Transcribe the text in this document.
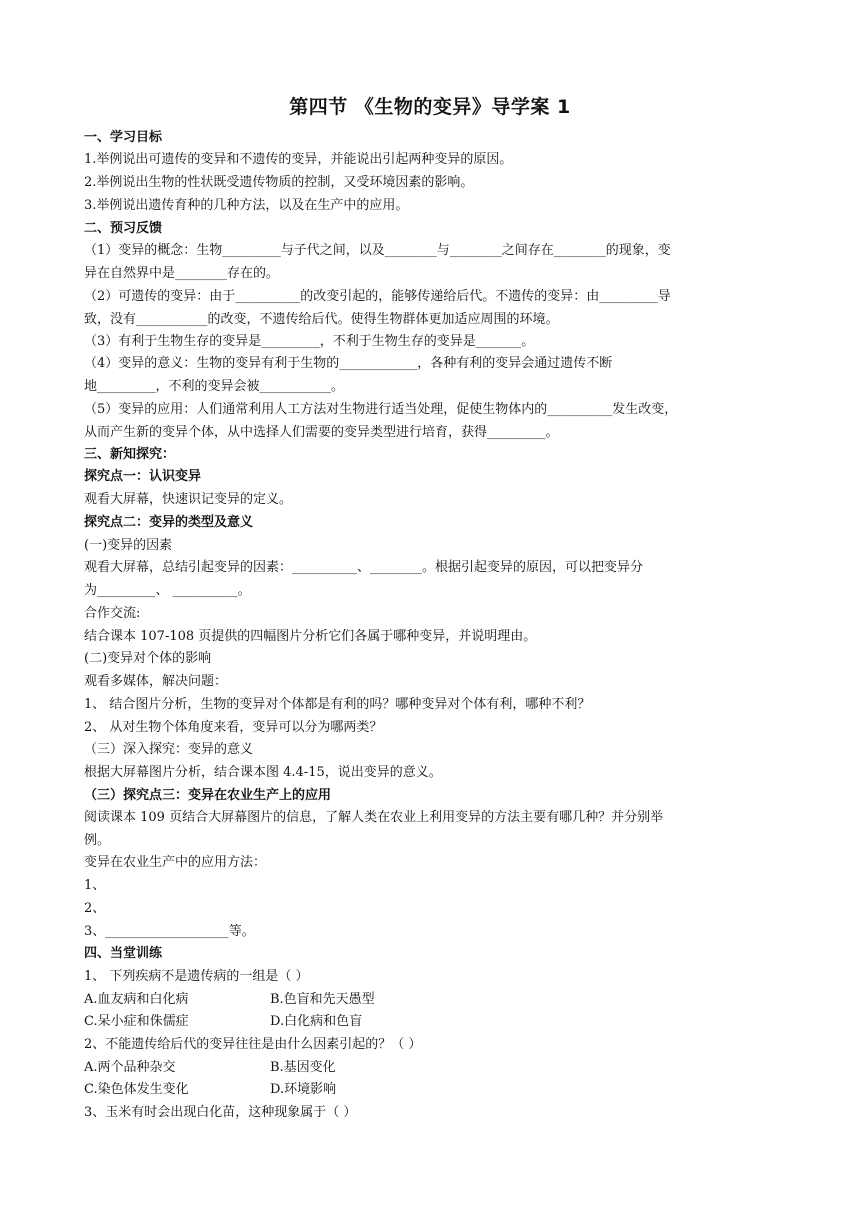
第四节 《生物的变异》导学案 1
一、学习目标
1.举例说出可遗传的变异和不遗传的变异，并能说出引起两种变异的原因。
2.举例说出生物的性状既受遗传物质的控制，又受环境因素的影响。
3.举例说出遗传育种的几种方法，以及在生产中的应用。
二、预习反馈
（1）变异的概念：生物_________与子代之间，以及________与________之间存在________的现象，变
异在自然界中是________存在的。
（2）可遗传的变异：由于__________的改变引起的，能够传递给后代。不遗传的变异：由_________导
致，没有___________的改变，不遗传给后代。使得生物群体更加适应周围的环境。
（3）有利于生物生存的变异是_________，不利于生物生存的变异是_______。
（4）变异的意义：生物的变异有利于生物的____________，各种有利的变异会通过遗传不断
地_________，不利的变异会被___________。
（5）变异的应用：人们通常利用人工方法对生物进行适当处理，促使生物体内的__________发生改变，
从而产生新的变异个体，从中选择人们需要的变异类型进行培育，获得_________。
三、新知探究：
探究点一：认识变异
观看大屏幕，快速识记变异的定义。
探究点二：变异的类型及意义
(一)变异的因素
观看大屏幕，总结引起变异的因素：__________、________。根据引起变异的原因，可以把变异分
为_________、 __________。
合作交流:
结合课本 107-108 页提供的四幅图片分析它们各属于哪种变异，并说明理由。
(二)变异对个体的影响
观看多媒体，解决问题：
1、 结合图片分析，生物的变异对个体都是有利的吗？哪种变异对个体有利，哪种不利？
2、 从对生物个体角度来看，变异可以分为哪两类？
（三）深入探究：变异的意义
根据大屏幕图片分析，结合课本图 4.4-15，说出变异的意义。
（三）探究点三：变异在农业生产上的应用
阅读课本 109 页结合大屏幕图片的信息，了解人类在农业上利用变异的方法主要有哪几种？并分别举
例。
变异在农业生产中的应用方法：
1、
2、
3、___________________等。
四、当堂训练
1、 下列疾病不是遗传病的一组是（ ）
A.血友病和白化病	B.色盲和先天愚型
C.呆小症和侏儒症	D.白化病和色盲
2、不能遗传给后代的变异往往是由什么因素引起的？（ ）
A.两个品种杂交	B.基因变化
C.染色体发生变化	D.环境影响
3、玉米有时会出现白化苗，这种现象属于（ ）
